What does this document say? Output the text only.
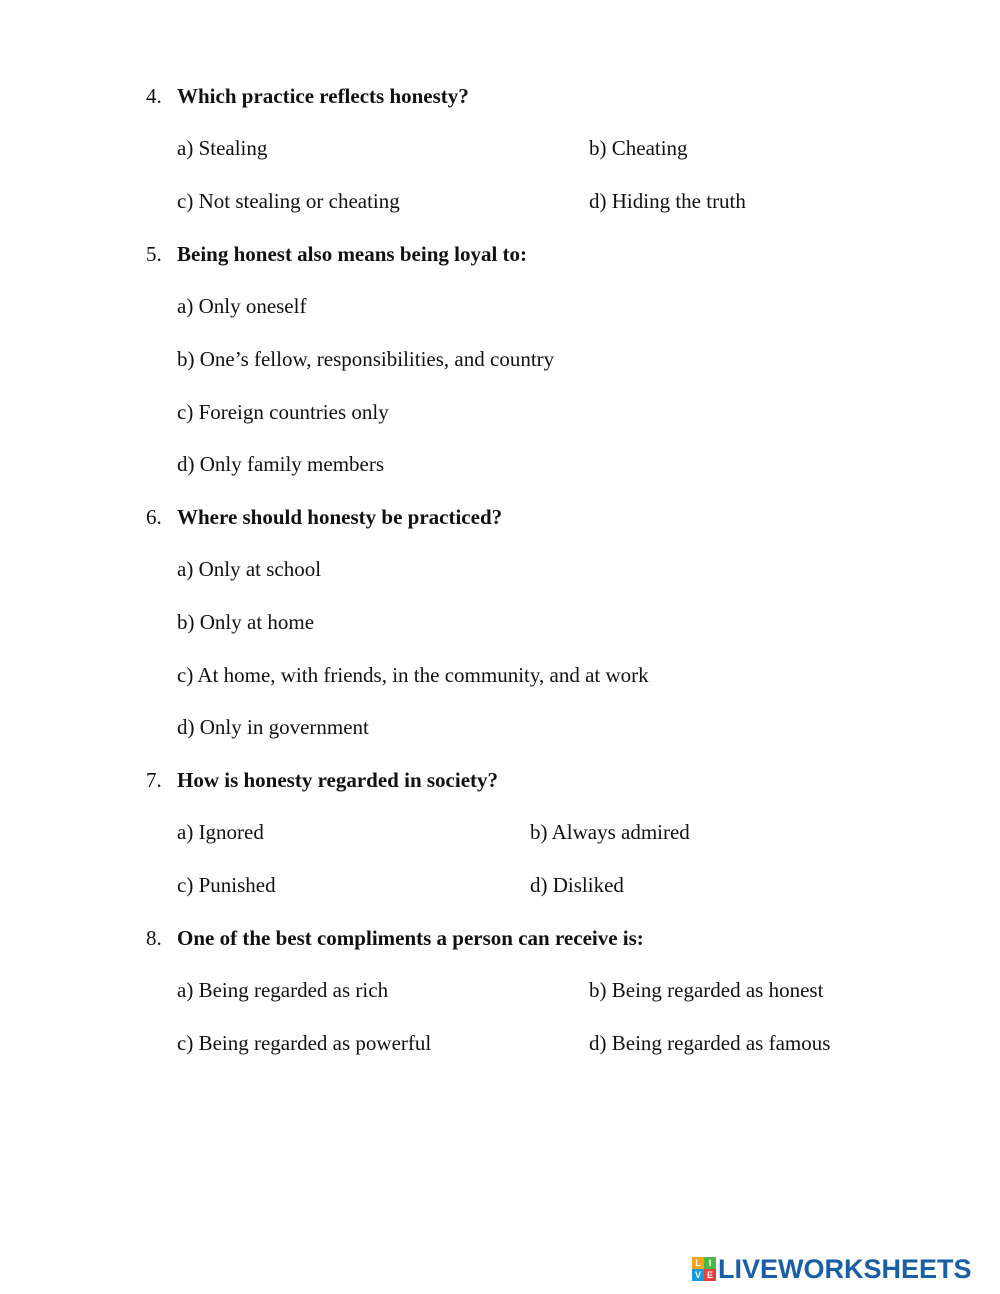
4. Which practice reflects honesty?
a) Stealing	b) Cheating
c) Not stealing or cheating	d) Hiding the truth
5. Being honest also means being loyal to:
a) Only oneself
b) One’s fellow, responsibilities, and country
c) Foreign countries only
d) Only family members
6. Where should honesty be practiced?
a) Only at school
b) Only at home
c) At home, with friends, in the community, and at work
d) Only in government
7. How is honesty regarded in society?
a) Ignored	b) Always admired
c) Punished	d) Disliked
8. One of the best compliments a person can receive is:
a) Being regarded as rich	b) Being regarded as honest
c) Being regarded as powerful	d) Being regarded as famous
L I
V E LIVEWORKSHEETS
